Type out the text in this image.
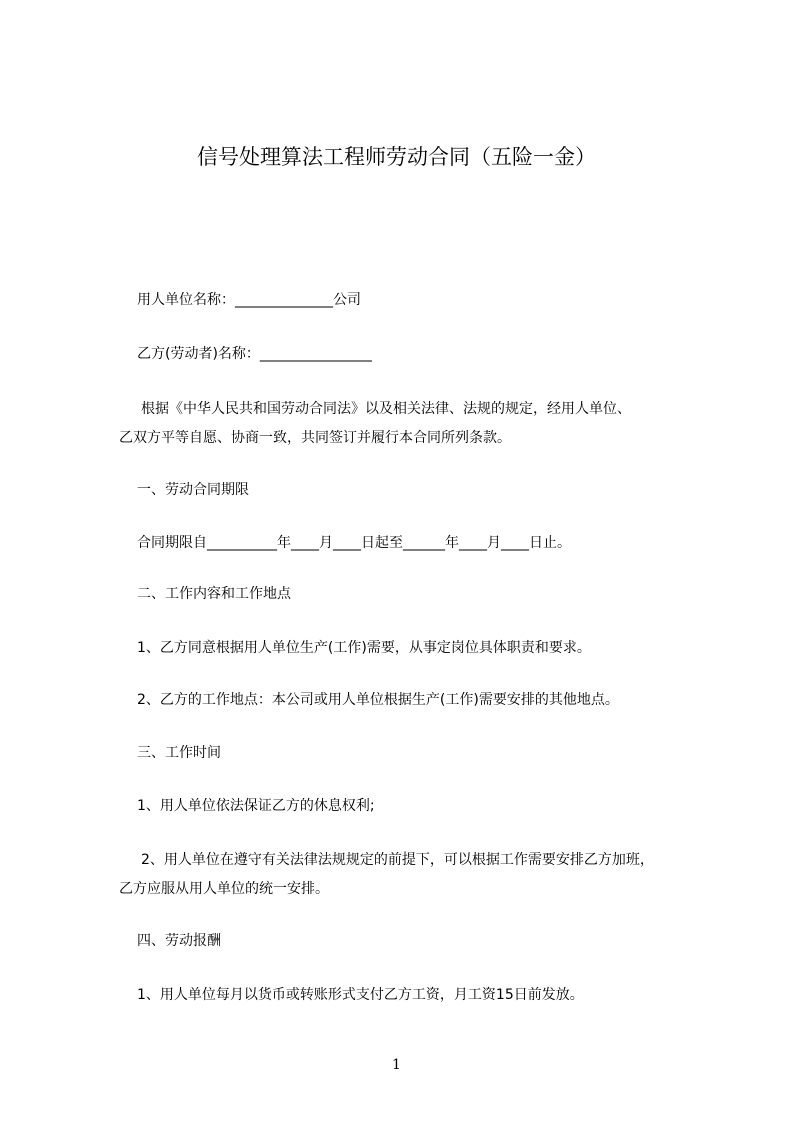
信号处理算法工程师劳动合同（五险一金）
用人单位名称：______________公司
乙方(劳动者)名称：________________
根据《中华人民共和国劳动合同法》以及相关法律、法规的规定，经用人单位、
乙双方平等自愿、协商一致，共同签订并履行本合同所列条款。
一、劳动合同期限
合同期限自__________年____月____日起至______年____月____日止。
二、工作内容和工作地点
1、乙方同意根据用人单位生产(工作)需要，从事定岗位具体职责和要求。
2、乙方的工作地点：本公司或用人单位根据生产(工作)需要安排的其他地点。
三、工作时间
1、用人单位依法保证乙方的休息权利;
2、用人单位在遵守有关法律法规规定的前提下，可以根据工作需要安排乙方加班，
乙方应服从用人单位的统一安排。
四、劳动报酬
1、用人单位每月以货币或转账形式支付乙方工资，月工资15日前发放。
1
